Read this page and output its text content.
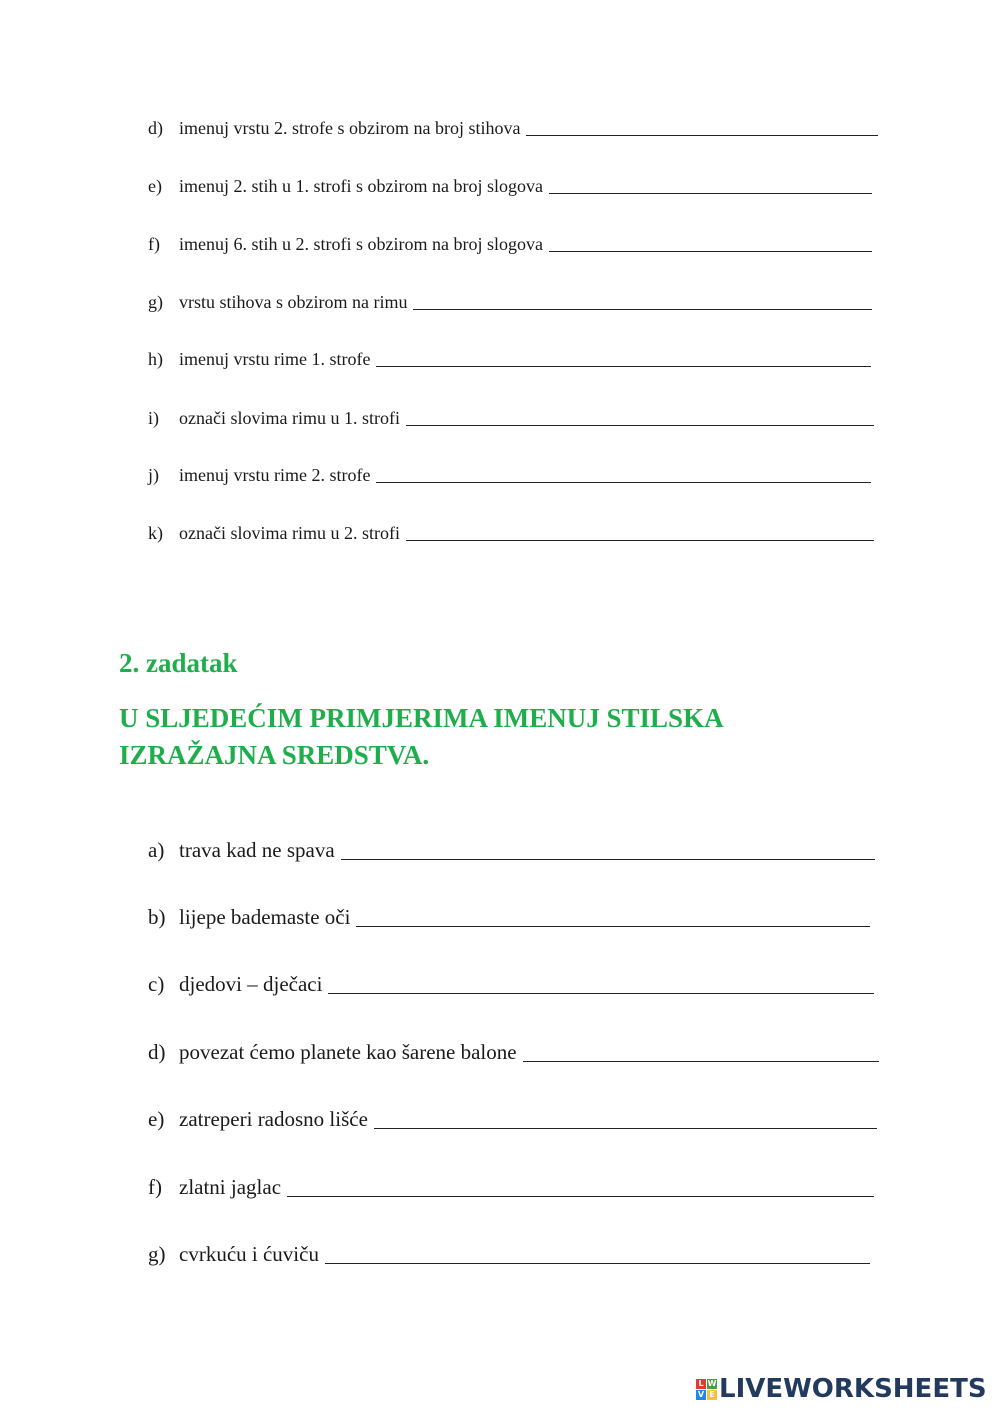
d) imenuj vrstu 2. strofe s obzirom na broj stihova
e) imenuj 2. stih u 1. strofi s obzirom na broj slogova
f)	imenuj 6. stih u 2. strofi s obzirom na broj slogova
g) vrstu stihova s obzirom na rimu
h) imenuj vrstu rime 1. strofe
i)	označi slovima rimu u 1. strofi
j)	imenuj vrstu rime 2. strofe
k) označi slovima rimu u 2. strofi
2. zadatak
U SLJEDEĆIM PRIMJERIMA IMENUJ STILSKA IZRAŽAJNA SREDSTVA.
a) trava kad ne spava
b) lijepe bademaste oči
c) djedovi – dječaci
d) povezat ćemo planete kao šarene balone
e) zatreperi radosno lišće
f) zlatni jaglac
g) cvrkuću i ćuviču
L W
V E LIVEWORKSHEETS
